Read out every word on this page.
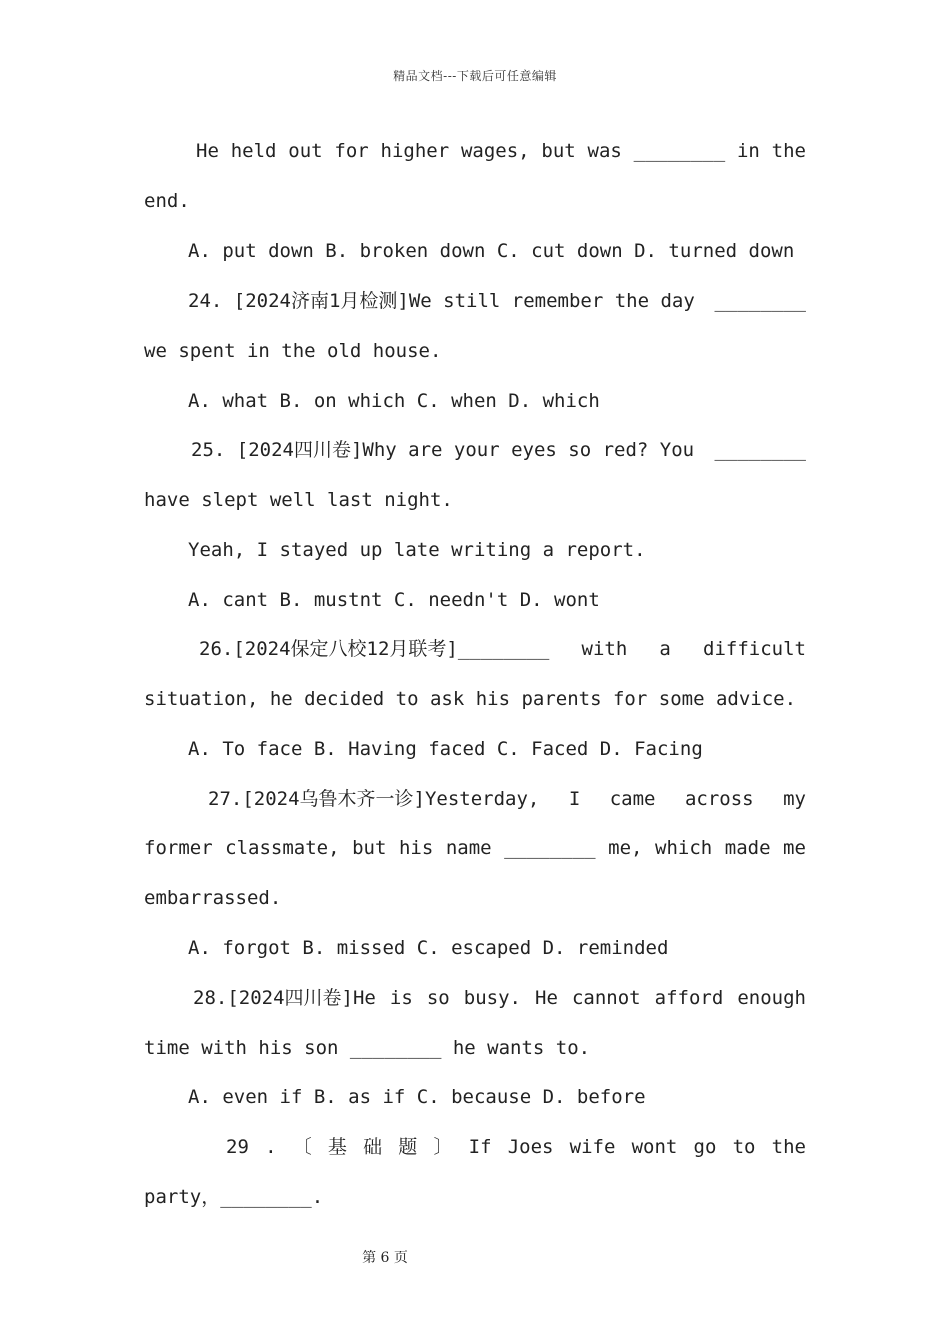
精品文档---下载后可任意编辑
He held out for higher wages, but was ________ in the
end.
A. put down B. broken down C. cut down D. turned down
24. [2024济南1月检测]We still remember the day ________
we spent in the old house.
A. what B. on which C. when D. which
25. [2024四川卷]Why are your eyes so red? You ________
have slept well last night.
Yeah, I stayed up late writing a report.
A. cant B. mustnt C. needn't D. wont
26.[2024保定八校12月联考]________ with a difficult
situation, he decided to ask his parents for some advice.
A. To face B. Having faced C. Faced D. Facing
27.[2024乌鲁木齐一诊]Yesterday, I came across my
former classmate, but his name ________ me, which made me
embarrassed.
A. forgot B. missed C. escaped D. reminded
28.[2024四川卷]He is so busy. He cannot afford enough
time with his son ________ he wants to.
A. even if B. as if C. because D. before
29 . 〔 基 础 题 〕 If Joes wife wont go to the
party，________.
第 6 页
